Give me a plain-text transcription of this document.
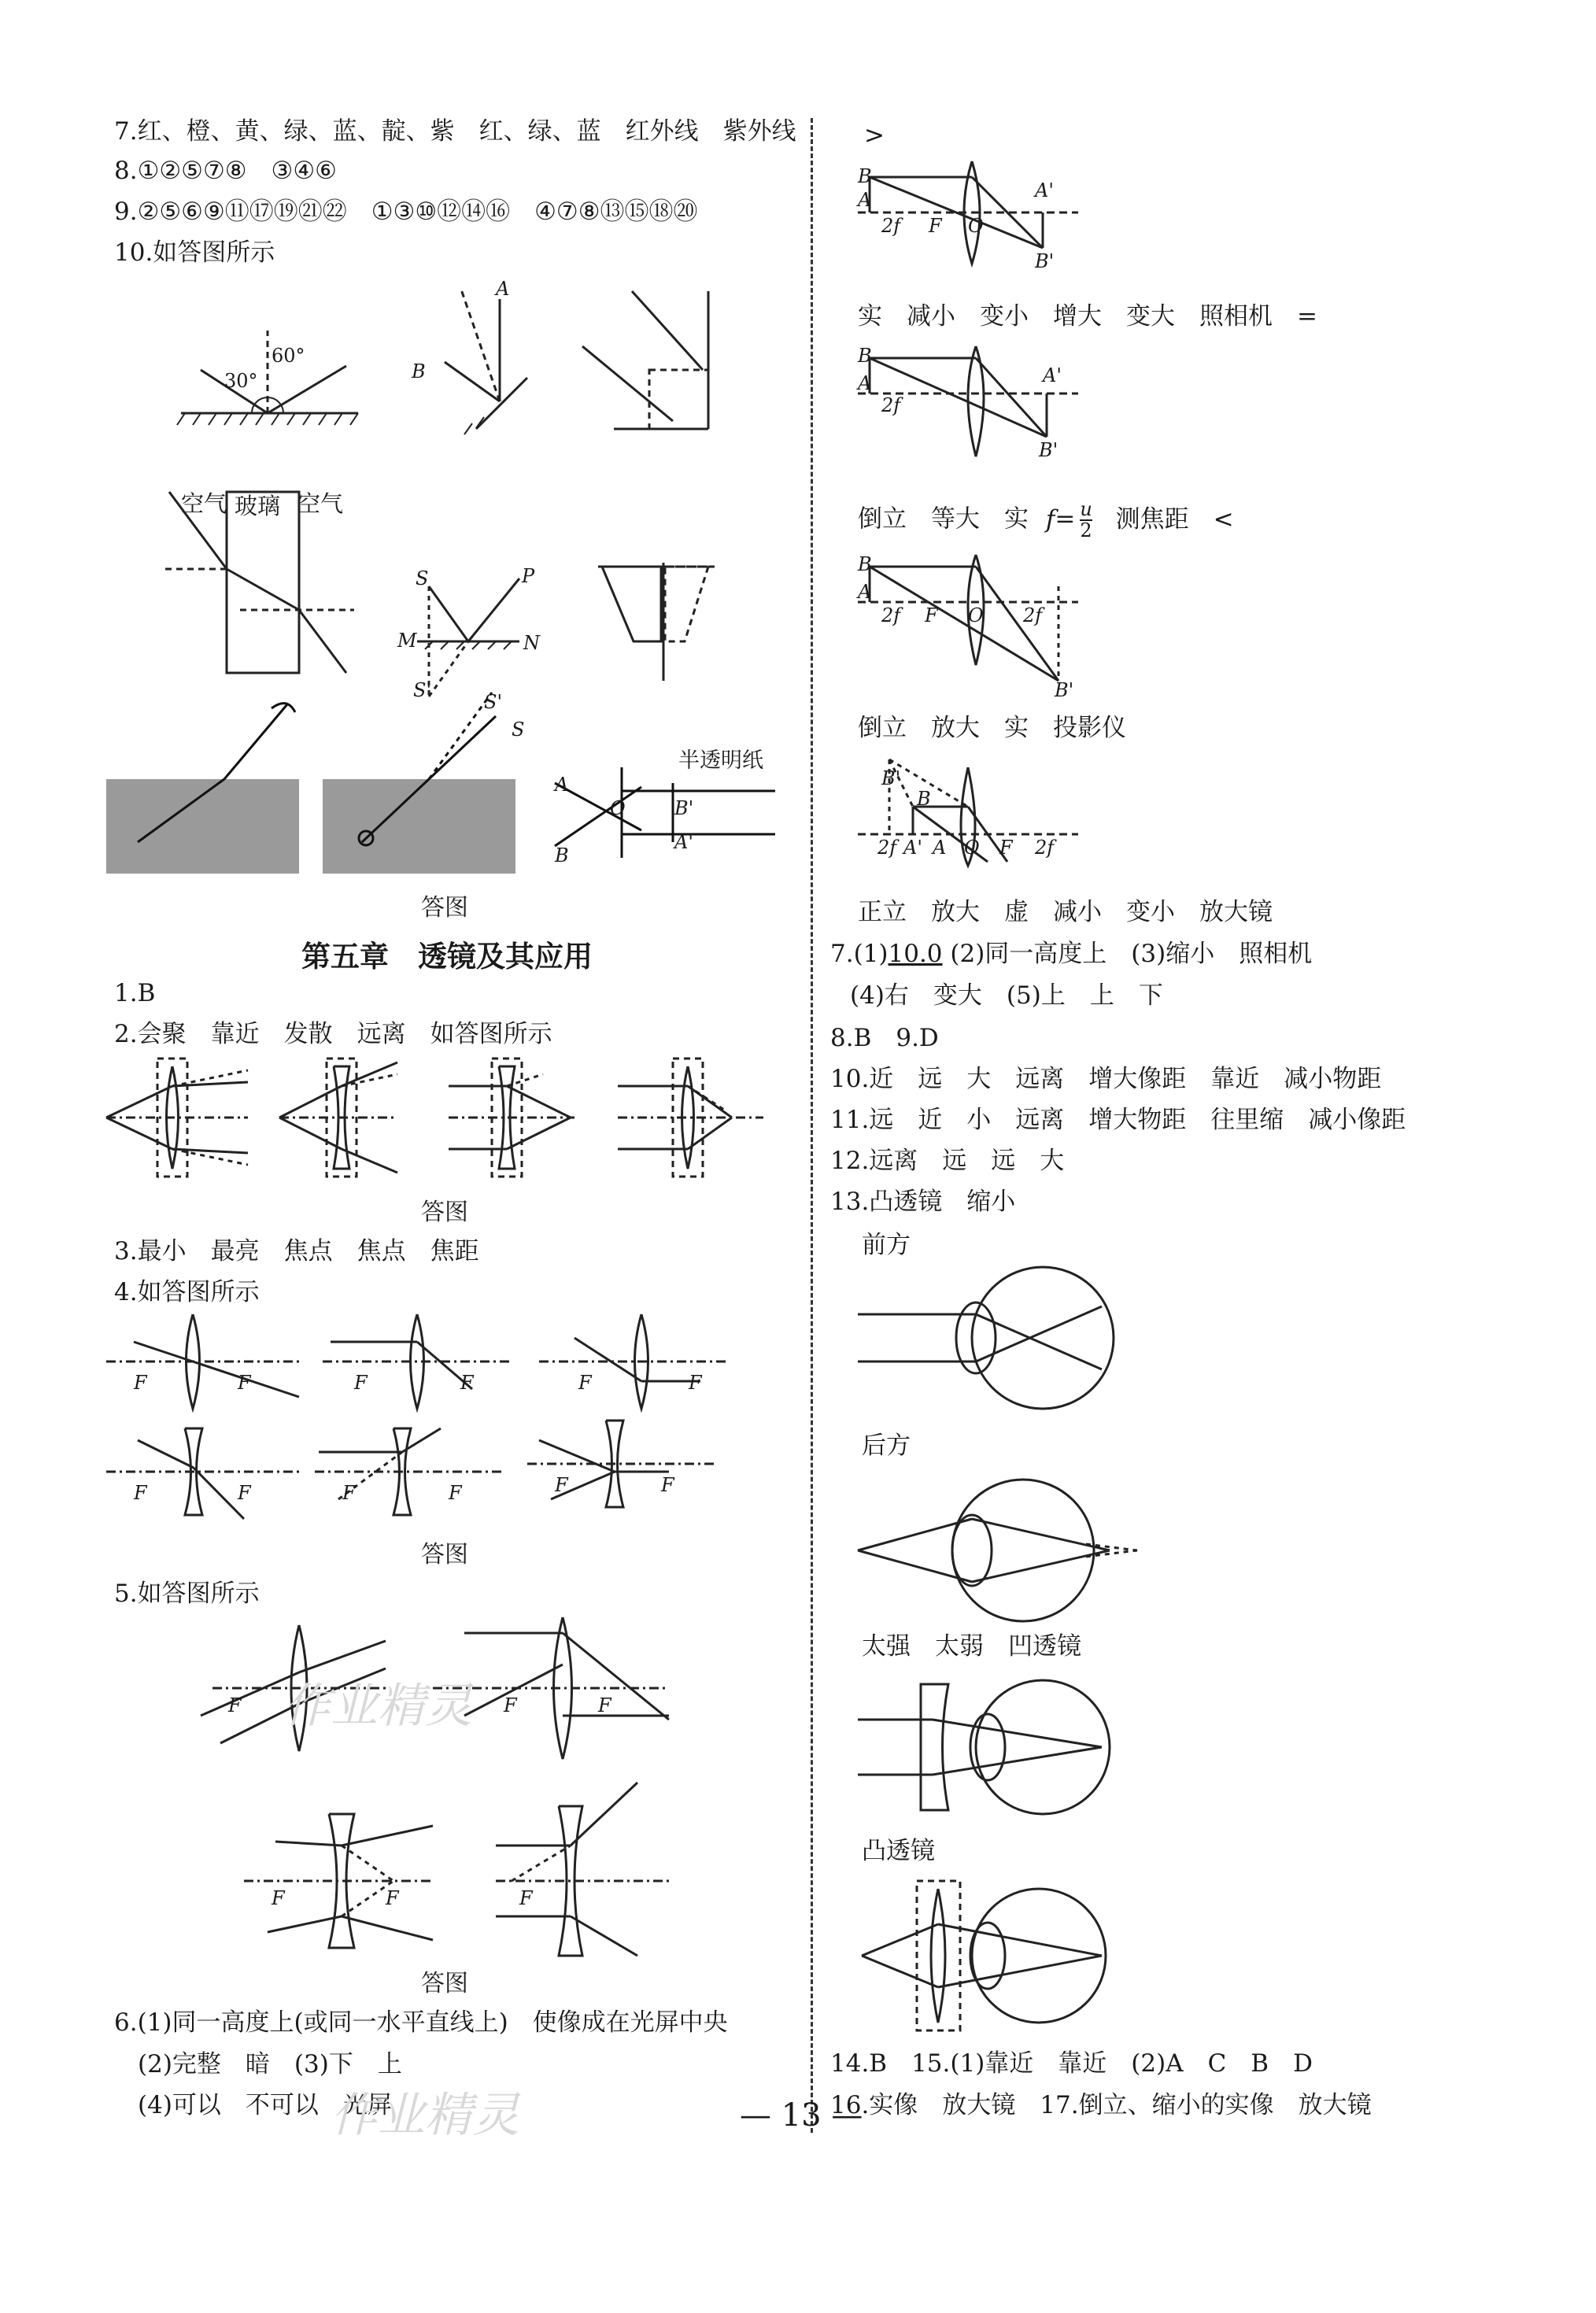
7.红、橙、黄、绿、蓝、靛、紫　红、绿、蓝　红外线　紫外线
8.①②⑤⑦⑧　③④⑥
9.②⑤⑥⑨⑪⑰⑲㉑㉒　①③⑩⑫⑭⑯　④⑦⑧⑬⑮⑱⑳
10.如答图所示
30°
60°
B
A
空气 玻璃 空气
S	P
M	N
S'
S'
S
A
B
O	B'
A'
半透明纸
答图
第五章　透镜及其应用
1.B
2.会聚　靠近　发散　远离　如答图所示
答图
3.最小　最亮　焦点　焦点　焦距
4.如答图所示
F	F	F	F	F	F
F	F	F	F	F	F
答图
5.如答图所示
F	F	F
F	F	F
答图
6.(1)同一高度上(或同一水平直线上)　使像成在光屏中央
(2)完整　暗　(3)下　上
(4)可以　不可以　光屏
>
B
A
2f F O
A'
B'
实　减小　变小　增大　变大　照相机　=
B
A
2f
A'
B'
倒立　等大　实 $f= \frac{u}{2}$ 测焦距　<
B
A
2f F O 2f
B'
倒立　放大　实　投影仪
B'
B
2f A' A O F 2f
正立　放大　虚　减小　变小　放大镜
7.(1)10.0 (2)同一高度上　(3)缩小　照相机
(4)右　变大　(5)上　上　下
8.B　9.D
10.近　远　大　远离　增大像距　靠近　减小物距
11.远　近　小　远离　增大物距　往里缩　减小像距
12.远离　远　远　大
13.凸透镜　缩小
前方
后方
太强　太弱　凹透镜
凸透镜
14.B　15.(1)靠近　靠近　(2)A　C　B　D
16.实像　放大镜　17.倒立、缩小的实像　放大镜
作业精灵
作业精灵	— 13 —
